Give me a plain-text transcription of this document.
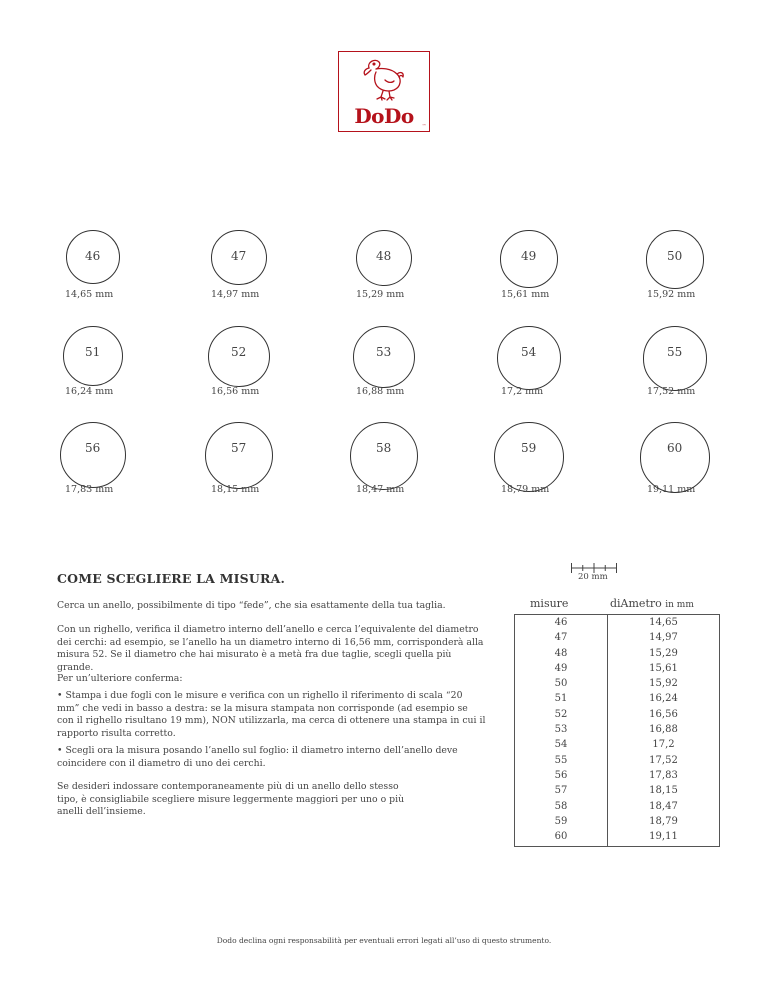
DoDo	™
46
14,65 mm
47
14,97 mm
48
15,29 mm
49
15,61 mm
50
15,92 mm
51
16,24 mm
52
16,56 mm
53
16,88 mm
54
17,2 mm
55
17,52 mm
56
17,83 mm
57
18,15 mm
58
18,47 mm
59
18,79 mm
60
19,11 mm
COME SCEGLIERE LA MISURA.
Cerca un anello, possibilmente di tipo “fede”, che sia esattamente della tua taglia.
Con un righello, verifica il diametro interno dell’anello e cerca l’equivalente del diametro dei cerchi: ad esempio, se l’anello ha un diametro interno di 16,56 mm, corrisponderà alla misura 52. Se il diametro che hai misurato è a metà fra due taglie, scegli quella più grande.
Per un’ulteriore conferma:
• Stampa i due fogli con le misure e verifica con un righello il riferimento di scala “20 mm” che vedi in basso a destra: se la misura stampata non corrisponde (ad esempio se con il righello risultano 19 mm), NON utilizzarla, ma cerca di ottenere una stampa in cui il rapporto risulta corretto.
• Scegli ora la misura posando l’anello sul foglio: il diametro interno dell’anello deve coincidere con il diametro di uno dei cerchi.
Se desideri indossare contemporaneamente più di un anello dello stesso tipo, è consigliabile scegliere misure leggermente maggiori per uno o più anelli dell’insieme.
20 mm
misure	diAmetro in mm
46
47
48
49
50
51
52
53
54
55
56
57
58
59
60
14,65
14,97
15,29
15,61
15,92
16,24
16,56
16,88
17,2
17,52
17,83
18,15
18,47
18,79
19,11
Dodo declina ogni responsabilità per eventuali errori legati all’uso di questo strumento.
